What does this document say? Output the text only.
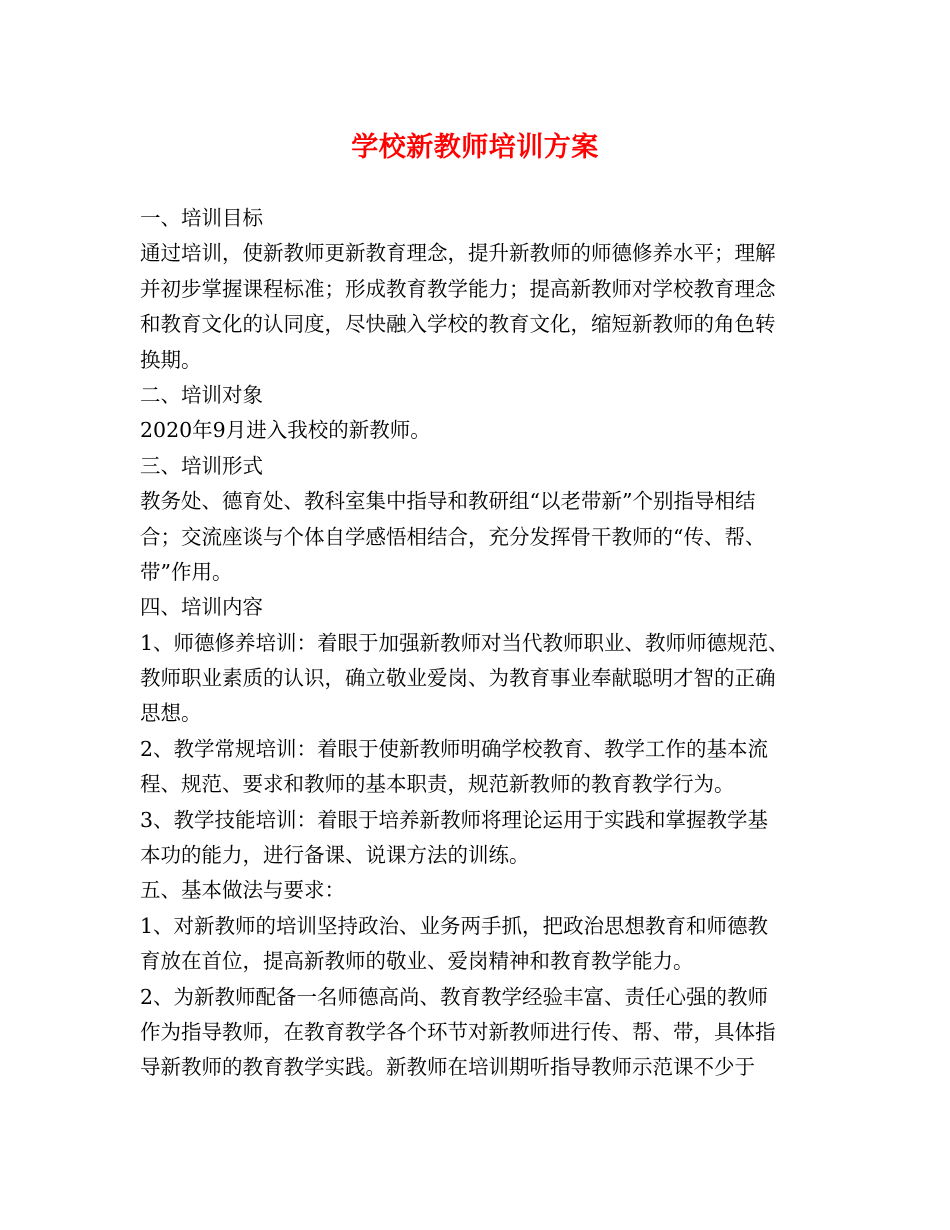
学校新教师培训方案
一、培训目标
通过培训，使新教师更新教育理念，提升新教师的师德修养水平；理解
并初步掌握课程标准；形成教育教学能力；提高新教师对学校教育理念
和教育文化的认同度，尽快融入学校的教育文化，缩短新教师的角色转
换期。
二、培训对象
2020年9月进入我校的新教师。
三、培训形式
教务处、德育处、教科室集中指导和教研组“以老带新”个别指导相结
合；交流座谈与个体自学感悟相结合，充分发挥骨干教师的“传、帮、
带”作用。
四、培训内容
1、师德修养培训：着眼于加强新教师对当代教师职业、教师师德规范、
教师职业素质的认识，确立敬业爱岗、为教育事业奉献聪明才智的正确
思想。
2、教学常规培训：着眼于使新教师明确学校教育、教学工作的基本流
程、规范、要求和教师的基本职责，规范新教师的教育教学行为。
3、教学技能培训：着眼于培养新教师将理论运用于实践和掌握教学基
本功的能力，进行备课、说课方法的训练。
五、基本做法与要求：
1、对新教师的培训坚持政治、业务两手抓，把政治思想教育和师德教
育放在首位，提高新教师的敬业、爱岗精神和教育教学能力。
2、为新教师配备一名师德高尚、教育教学经验丰富、责任心强的教师
作为指导教师，在教育教学各个环节对新教师进行传、帮、带，具体指
导新教师的教育教学实践。新教师在培训期听指导教师示范课不少于
